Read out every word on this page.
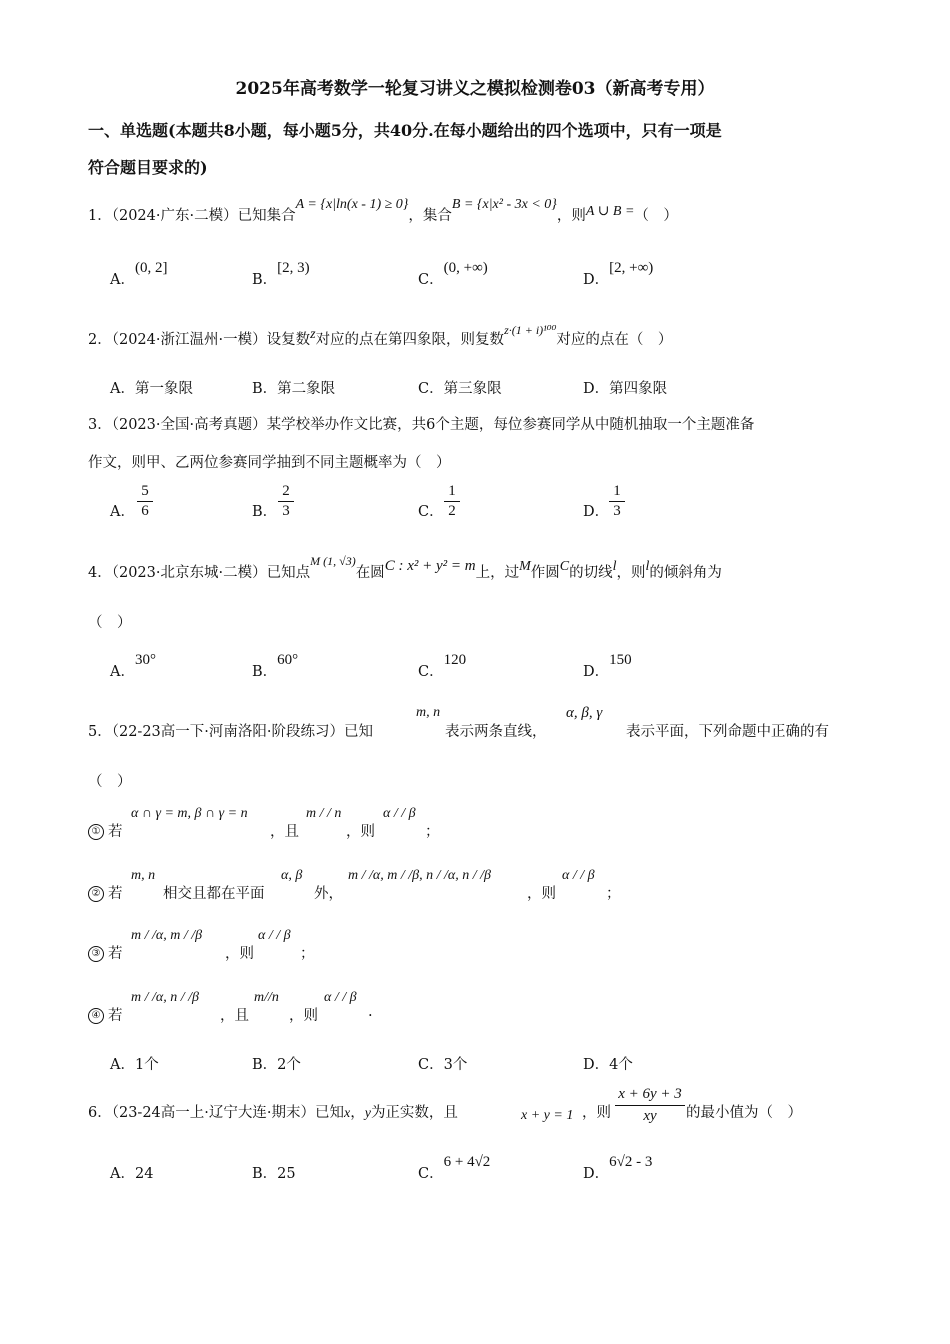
2025年高考数学一轮复习讲义之模拟检测卷03（新高考专用）
一、单选题(本题共8小题，每小题5分，共40分.在每小题给出的四个选项中，只有一项是
符合题目要求的)
1．（2024·广东·二模）已知集合A = {x|ln(x - 1) ≥ 0}，集合B = {x|x² - 3x < 0}，则A ∪ B =（　）
A．(0, 2]
B．[2, 3)
C．(0, +∞)
D．[2, +∞)
2．（2024·浙江温州·一模）设复数z对应的点在第四象限，则复数$^{z\cdot(1 + i)^{100}}$对应的点在（　）
A．第一象限	B．第二象限	C．第三象限	D．第四象限
3．（2023·全国·高考真题）某学校举办作文比赛，共6个主题，每位参赛同学从中随机抽取一个主题准备
作文，则甲、乙两位参赛同学抽到不同主题概率为（　）
A．
5
6	B．
2
3	C．
1
2	D．
1
3
4．（2023·北京东城·二模）已知点$^{M (1, √3)}$在圆C : x² + y² = m上，过M作圆C的切线l，则l的倾斜角为
（　）
A．30°
B．60°
C．120
D．150
5．（22-23高一下·河南洛阳·阶段练习）已知
m, n
表示两条直线，
α, β, γ
表示平面，下列命题中正确的有
（　）
① 若
α ∩ γ = m, β ∩ γ = n
，且
m / / n
，则
α / / β
；
② 若
m, n
相交且都在平面
α, β
外，
m / /α, m / /β, n / /α, n / /β
，则
α / / β
；
③ 若
m / /α, m / /β
，则
α / / β
；
④ 若
m / /α, n / /β
，且
m//n
，则
α / / β
.
A．1个	B．2个	C．3个	D．4个
6．（23-24高一上·辽宁大连·期末）已知x，y为正实数，且	x + y = 1 ，则
x + 6y + 3
xy	的最小值为（　）
A．24	B．25	C．6 + 4√2
D．6√2 - 3
